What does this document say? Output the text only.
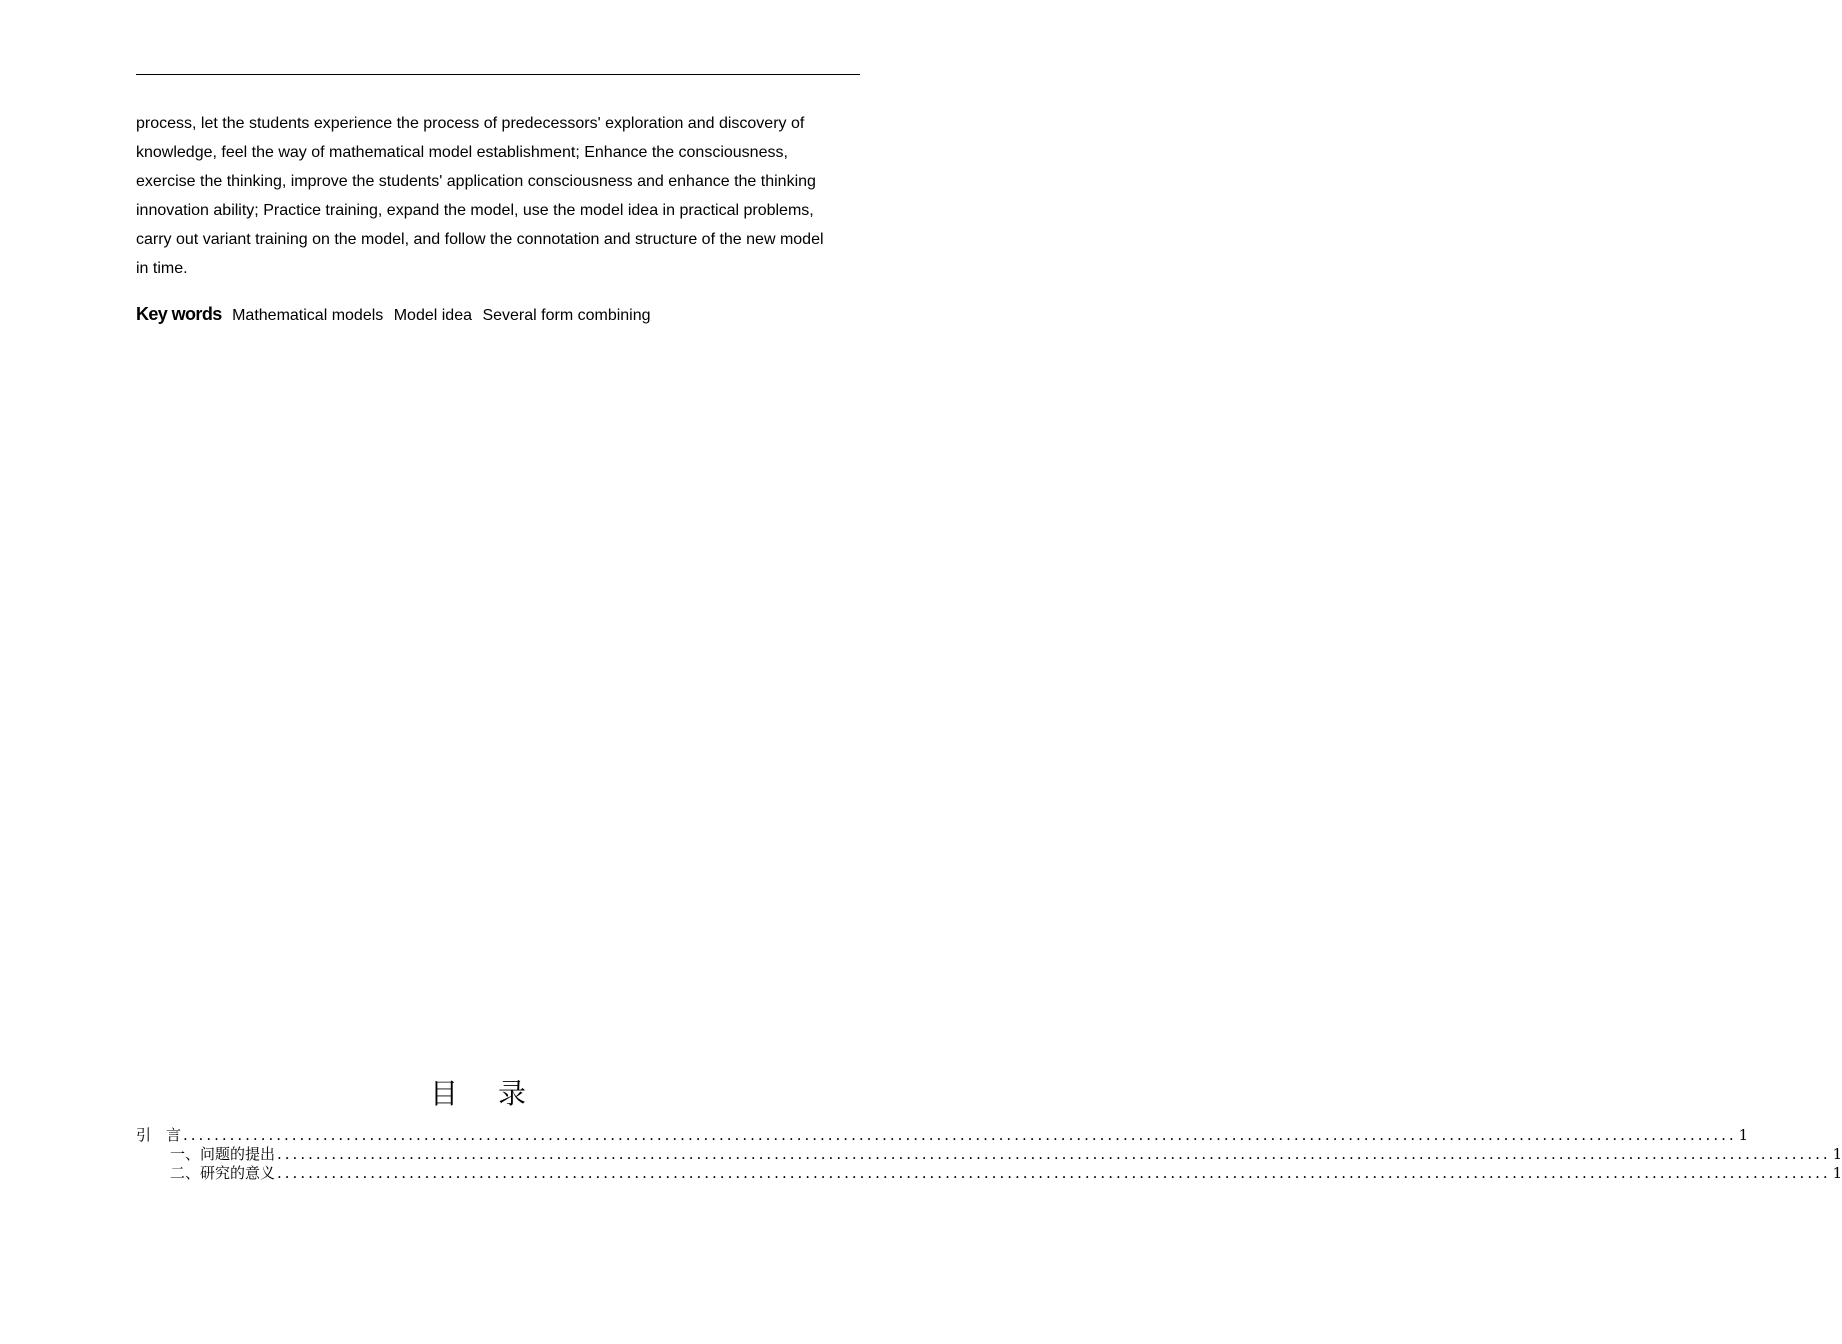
process, let the students experience the process of predecessors' exploration and discovery of

knowledge, feel the way of mathematical model establishment; Enhance the consciousness,

exercise the thinking, improve the students' application consciousness and enhance the thinking

innovation ability; Practice training, expand the model, use the model idea in practical problems,

carry out variant training on the model, and follow the connotation and structure of the new model

in time.

Key words Mathematical models Model idea Several form combining
目录
引　言 ........................................................................................................................................................................................................ 1
一、问题的提出 ........................................................................................................................................................................................................ 1
二、研究的意义 ........................................................................................................................................................................................................ 1
